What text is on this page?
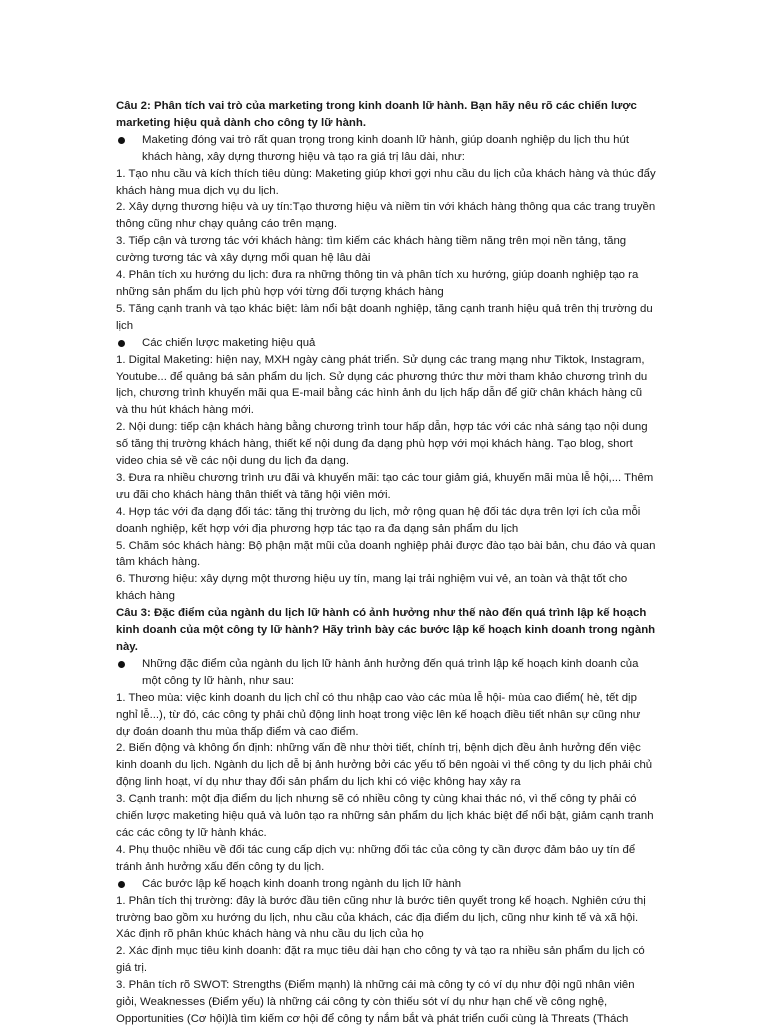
Câu 2: Phân tích vai trò của marketing trong kinh doanh lữ hành. Bạn hãy nêu rõ các chiến lược marketing hiệu quả dành cho công ty lữ hành.

Maketing đóng vai trò rất quan trọng trong kinh doanh lữ hành, giúp doanh nghiệp du lịch thu hút khách hàng, xây dựng thương hiệu và tạo ra giá trị lâu dài, như:

1. Tạo nhu cầu và kích thích tiêu dùng: Maketing giúp khơi gợi nhu cầu du lịch của khách hàng và thúc đẩy khách hàng mua dịch vụ du lịch.

2. Xây dựng thương hiệu và uy tín:Tạo thương hiệu và niềm tin với khách hàng thông qua các trang truyền thông cũng như chạy quảng cáo trên mạng.

3. Tiếp cận và tương tác với khách hàng: tìm kiếm các khách hàng tiềm năng trên mọi nền tảng, tăng cường tương tác và xây dựng mối quan hệ lâu dài

4. Phân tích xu hướng du lịch: đưa ra những thông tin và phân tích xu hướng, giúp doanh nghiệp tạo ra những sản phẩm du lịch phù hợp với từng đối tượng khách hàng

5. Tăng cạnh tranh và tạo khác biệt: làm nổi bật doanh nghiệp, tăng cạnh tranh hiệu quả trên thị trường du lịch

Các chiến lược maketing hiệu quả

1. Digital Maketing: hiện nay, MXH ngày càng phát triển. Sử dụng các trang mạng như Tiktok, Instagram, Youtube... để quảng bá sản phẩm du lịch. Sử dụng các phương thức thư mời tham khảo chương trình du lịch, chương trình khuyến mãi qua E-mail bằng các hình ảnh du lịch hấp dẫn để giữ chân khách hàng cũ và thu hút khách hàng mới.

2. Nội dung: tiếp cận khách hàng bằng chương trình tour hấp dẫn, hợp tác với các nhà sáng tạo nội dung số tăng thị trường khách hàng, thiết kế nội dung đa dạng phù hợp với mọi khách hàng. Tạo blog, short video chia sẻ về các nội dung du lịch đa dạng.

3. Đưa ra nhiều chương trình ưu đãi và khuyến mãi: tạo các tour giảm giá, khuyến mãi mùa lễ hội,... Thêm ưu đãi cho khách hàng thân thiết và tăng hội viên mới.

4. Hợp tác với đa dạng đối tác: tăng thị trường du lịch, mở rộng quan hệ đối tác dựa trên lợi ích của mỗi doanh nghiệp, kết hợp với địa phương hợp tác tạo ra đa dạng sản phẩm du lịch

5. Chăm sóc khách hàng: Bộ phận mặt mũi của doanh nghiệp phải được đào tạo bài bản, chu đáo và quan tâm khách hàng.

6. Thương hiệu: xây dựng một thương hiệu uy tín, mang lại trải nghiệm vui vẻ, an toàn và thật tốt cho khách hàng

Câu 3: Đặc điểm của ngành du lịch lữ hành có ảnh hưởng như thế nào đến quá trình lập kế hoạch kinh doanh của một công ty lữ hành? Hãy trình bày các bước lập kế hoạch kinh doanh trong ngành này.

Những đặc điểm của ngành du lịch lữ hành ảnh hưởng đến quá trình lập kế hoạch kinh doanh của một công ty lữ hành, như sau:

1. Theo mùa: việc kinh doanh du lịch chỉ có thu nhập cao vào các mùa lễ hội- mùa cao điểm( hè, tết dịp nghỉ lễ...), từ đó, các công ty phải chủ động linh hoạt trong việc lên kế hoạch điều tiết nhân sự cũng như dự đoán doanh thu mùa thấp điểm và cao điểm.

2. Biến động và không ổn định: những vấn đề như thời tiết, chính trị, bệnh dịch đều ảnh hưởng đến việc kinh doanh du lịch. Ngành du lịch dễ bị ảnh hưởng bởi các yếu tố bên ngoài vì thế công ty du lịch phải chủ động linh hoạt, ví dụ như thay đổi sản phẩm du lịch khi có việc không hay xảy ra

3. Cạnh tranh: một địa điểm du lịch nhưng sẽ có nhiều công ty cùng khai thác nó, vì thế công ty phải có chiến lược maketing hiệu quả và luôn tạo ra những sản phẩm du lịch khác biệt để nổi bật, giảm cạnh tranh các các công ty lữ hành khác.

4. Phụ thuộc nhiều về đối tác cung cấp dịch vụ: những đối tác của công ty cần được đảm bảo uy tín để tránh ảnh hưởng xấu đến công ty du lịch.

Các bước lập kế hoạch kinh doanh trong ngành du lịch lữ hành

1. Phân tích thị trường: đây là bước đầu tiên cũng như là bước tiên quyết trong kế hoạch. Nghiên cứu thị trường bao gồm xu hướng du lịch, nhu cầu của khách, các địa điểm du lịch, cũng như kinh tế và xã hội. Xác định rõ phân khúc khách hàng và nhu cầu du lịch của họ

2. Xác định mục tiêu kinh doanh: đặt ra mục tiêu dài hạn cho công ty và tạo ra nhiều sản phẩm du lịch có giá trị.

3. Phân tích rõ SWOT: Strengths (Điểm mạnh) là những cái mà công ty có ví dụ như đội ngũ nhân viên giỏi, Weaknesses (Điểm yếu) là những cái công ty còn thiếu sót ví dụ như hạn chế về công nghệ, Opportunities (Cơ hội)là tìm kiếm cơ hội để công ty nắm bắt và phát triển cuối cùng là Threats (Thách
